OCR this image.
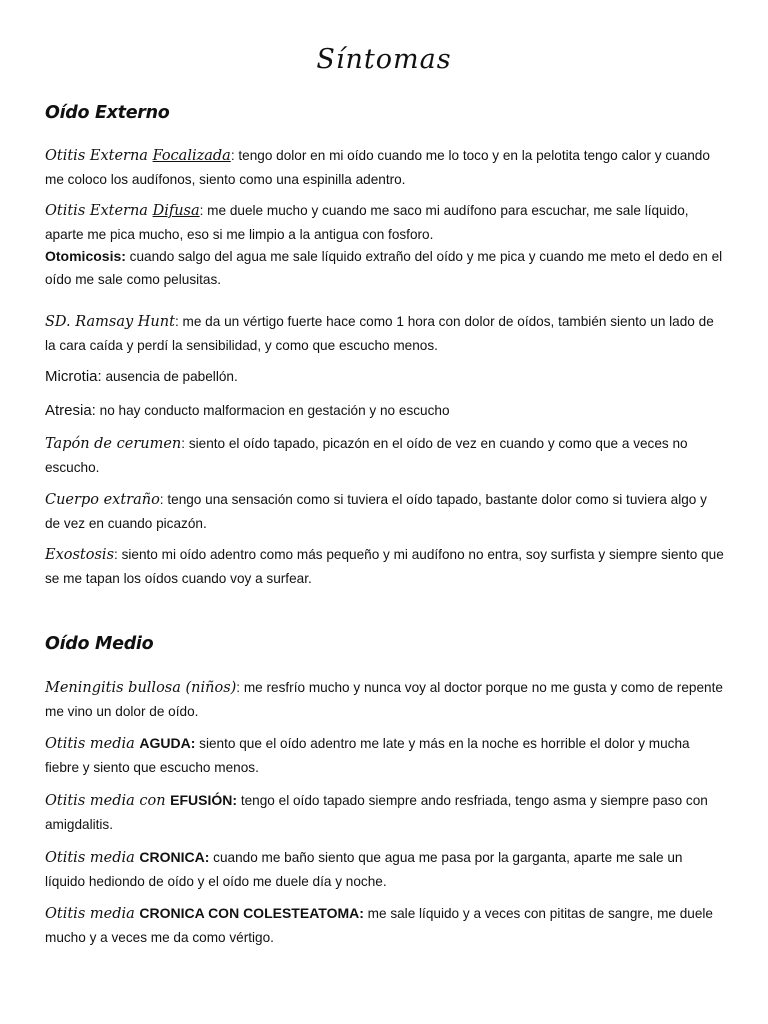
Síntomas
Oído Externo
Otitis Externa Focalizada: tengo dolor en mi oído cuando me lo toco y en la pelotita tengo calor y cuando me coloco los audífonos, siento como una espinilla adentro.
Otitis Externa Difusa: me duele mucho y cuando me saco mi audífono para escuchar, me sale líquido, aparte me pica mucho, eso si me limpio a la antigua con fosforo.
Otomicosis: cuando salgo del agua me sale líquido extraño del oído y me pica y cuando me meto el dedo en el oído me sale como pelusitas.
SD. Ramsay Hunt: me da un vértigo fuerte hace como 1 hora con dolor de oídos, también siento un lado de la cara caída y perdí la sensibilidad, y como que escucho menos.
Microtia: ausencia de pabellón.
Atresia: no hay conducto malformacion en gestación y no escucho
Tapón de cerumen: siento el oído tapado, picazón en el oído de vez en cuando y como que a veces no escucho.
Cuerpo extraño: tengo una sensación como si tuviera el oído tapado, bastante dolor como si tuviera algo y de vez en cuando picazón.
Exostosis: siento mi oído adentro como más pequeño y mi audífono no entra, soy surfista y siempre siento que se me tapan los oídos cuando voy a surfear.
Oído Medio
Meningitis bullosa (niños): me resfrío mucho y nunca voy al doctor porque no me gusta y como de repente me vino un dolor de oído.
Otitis media AGUDA: siento que el oído adentro me late y más en la noche es horrible el dolor y mucha fiebre y siento que escucho menos.
Otitis media con EFUSIÓN: tengo el oído tapado siempre ando resfriada, tengo asma y siempre paso con amigdalitis.
Otitis media CRONICA: cuando me baño siento que agua me pasa por la garganta, aparte me sale un líquido hediondo de oído y el oído me duele día y noche.
Otitis media CRONICA CON COLESTEATOMA: me sale líquido y a veces con pititas de sangre, me duele mucho y a veces me da como vértigo.
